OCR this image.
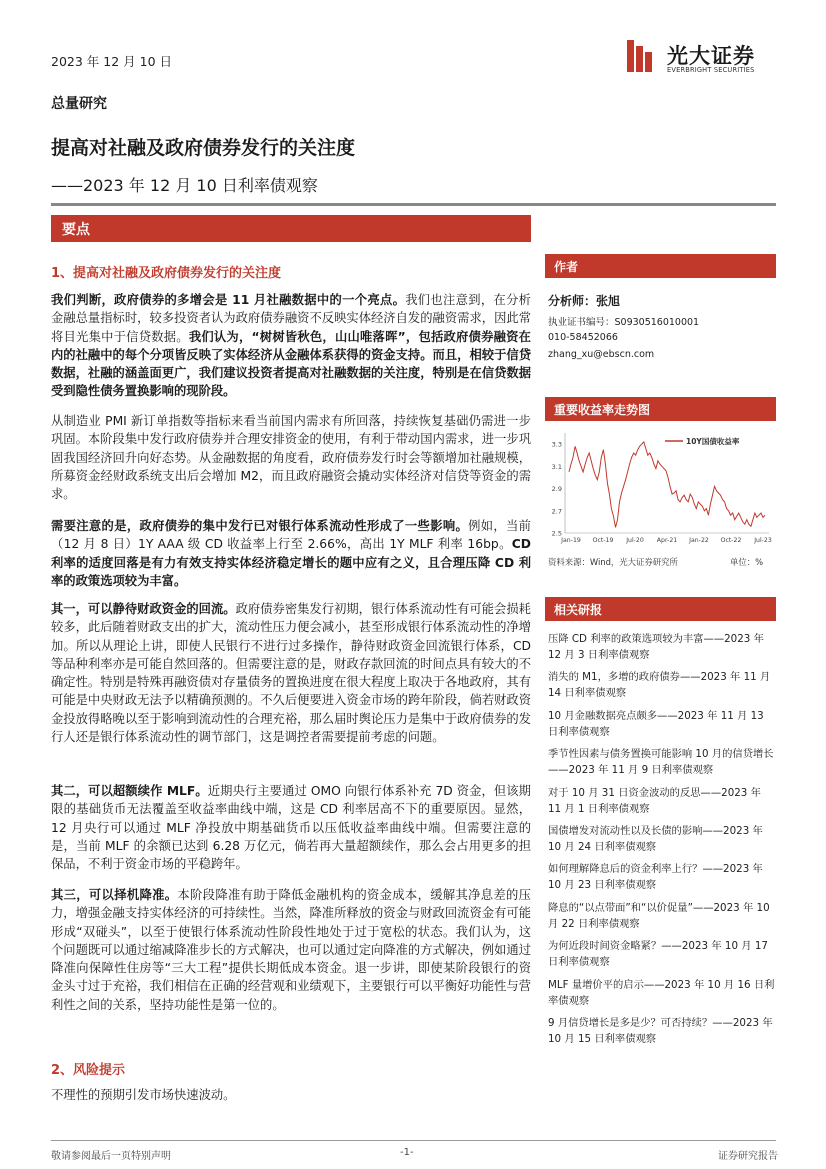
2023 年 12 月 10 日	光大证券
EVERBRIGHT SECURITIES
总量研究
提高对社融及政府债券发行的关注度
——2023 年 12 月 10 日利率债观察
要点
1、提高对社融及政府债券发行的关注度
我们判断，政府债券的多增会是 11 月社融数据中的一个亮点。我们也注意到，在分析金融总量指标时，较多投资者认为政府债券融资不反映实体经济自发的融资需求，因此常将目光集中于信贷数据。我们认为，“树树皆秋色，山山唯落晖”，包括政府债券融资在内的社融中的每个分项皆反映了实体经济从金融体系获得的资金支持。而且，相较于信贷数据，社融的涵盖面更广，我们建议投资者提高对社融数据的关注度，特别是在信贷数据受到隐性债务置换影响的现阶段。
从制造业 PMI 新订单指数等指标来看当前国内需求有所回落，持续恢复基础仍需进一步巩固。本阶段集中发行政府债券并合理安排资金的使用，有利于带动国内需求，进一步巩固我国经济回升向好态势。从金融数据的角度看，政府债券发行时会等额增加社融规模，所募资金经财政系统支出后会增加 M2，而且政府融资会撬动实体经济对信贷等资金的需求。
需要注意的是，政府债券的集中发行已对银行体系流动性形成了一些影响。例如，当前（12 月 8 日）1Y AAA 级 CD 收益率上行至 2.66%，高出 1Y MLF 利率 16bp。CD 利率的适度回落是有力有效支持实体经济稳定增长的题中应有之义，且合理压降 CD 利率的政策选项较为丰富。
其一，可以静待财政资金的回流。政府债券密集发行初期，银行体系流动性有可能会损耗较多，此后随着财政支出的扩大，流动性压力便会减小，甚至形成银行体系流动性的净增加。所以从理论上讲，即使人民银行不进行过多操作，静待财政资金回流银行体系，CD 等品种利率亦是可能自然回落的。但需要注意的是，财政存款回流的时间点具有较大的不确定性。特别是特殊再融资债对存量债务的置换进度在很大程度上取决于各地政府，其有可能是中央财政无法予以精确预测的。不久后便要进入资金市场的跨年阶段，倘若财政资金投放得略晚以至于影响到流动性的合理充裕，那么届时舆论压力是集中于政府债券的发行人还是银行体系流动性的调节部门，这是调控者需要提前考虑的问题。
其二，可以超额续作 MLF。近期央行主要通过 OMO 向银行体系补充 7D 资金，但该期限的基础货币无法覆盖至收益率曲线中端，这是 CD 利率居高不下的重要原因。显然，12 月央行可以通过 MLF 净投放中期基础货币以压低收益率曲线中端。但需要注意的是，当前 MLF 的余额已达到 6.28 万亿元，倘若再大量超额续作，那么会占用更多的担保品，不利于资金市场的平稳跨年。
其三，可以择机降准。本阶段降准有助于降低金融机构的资金成本，缓解其净息差的压力，增强金融支持实体经济的可持续性。当然，降准所释放的资金与财政回流资金有可能形成“双碰头”，以至于使银行体系流动性阶段性地处于过于宽松的状态。我们认为，这个问题既可以通过缩减降准步长的方式解决，也可以通过定向降准的方式解决，例如通过降准向保障性住房等“三大工程”提供长期低成本资金。退一步讲，即使某阶段银行的资金头寸过于充裕，我们相信在正确的经营观和业绩观下，主要银行可以平衡好功能性与营利性之间的关系，坚持功能性是第一位的。
2、风险提示
不理性的预期引发市场快速波动。
作者
分析师：张旭
执业证书编号：S0930516010001
010-58452066
zhang_xu@ebscn.com
重要收益率走势图
2.5
2.7
2.9
3.1
3.3
Jan-19 Oct-19 Jul-20 Apr-21 Jan-22 Oct-22 Jul-23
10Y国债收益率
资料来源：Wind，光大证券研究所	单位：%
相关研报
压降 CD 利率的政策选项较为丰富——2023 年 12 月 3 日利率债观察
消失的 M1，多增的政府债券——2023 年 11 月 14 日利率债观察
10 月金融数据亮点颇多——2023 年 11 月 13 日利率债观察
季节性因素与债务置换可能影响 10 月的信贷增长——2023 年 11 月 9 日利率债观察
对于 10 月 31 日资金波动的反思——2023 年 11 月 1 日利率债观察
国债增发对流动性以及长债的影响——2023 年 10 月 24 日利率债观察
如何理解降息后的资金利率上行？——2023 年 10 月 23 日利率债观察
降息的“以点带面”和“以价促量”——2023 年 10 月 22 日利率债观察
为何近段时间资金略紧？——2023 年 10 月 17 日利率债观察
MLF 量增价平的启示——2023 年 10 月 16 日利率债观察
9 月信贷增长是多是少？可否持续？——2023 年 10 月 15 日利率债观察
敬请参阅最后一页特别声明	-1-	证券研究报告
